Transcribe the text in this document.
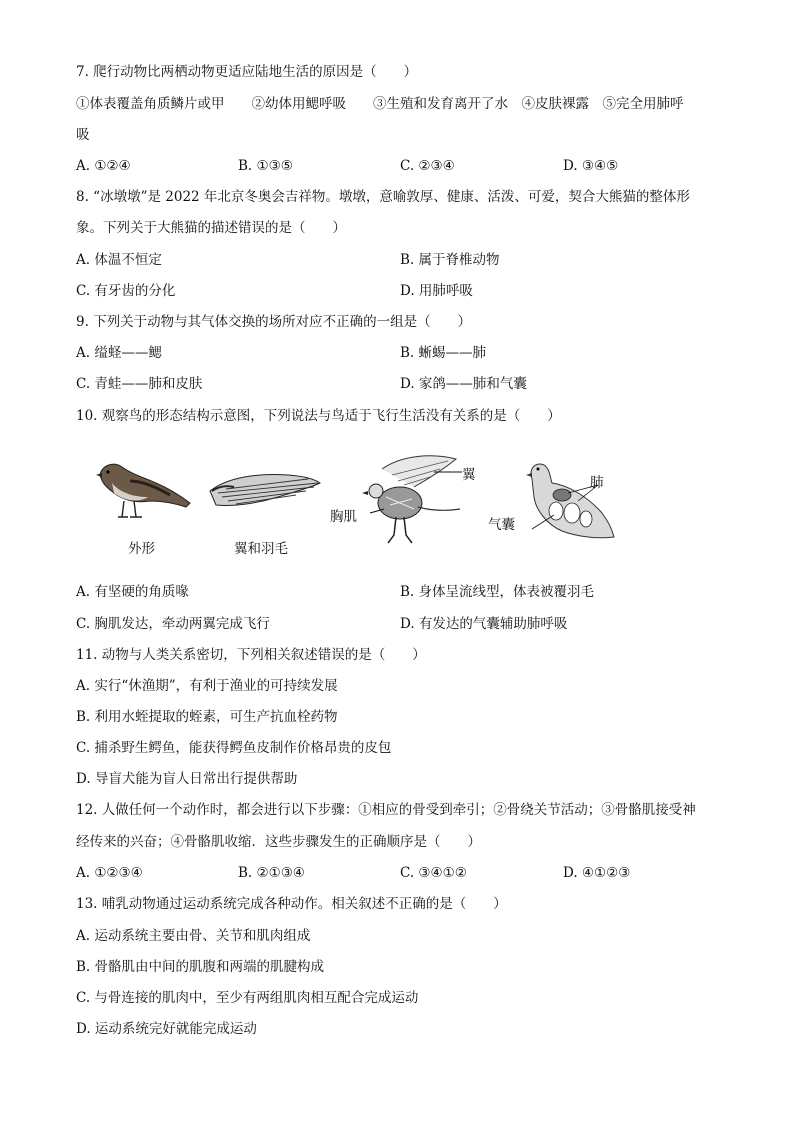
7. 爬行动物比两栖动物更适应陆地生活的原因是（　　）
①体表覆盖角质鳞片或甲　　②幼体用鳃呼吸　　③生殖和发育离开了水　④皮肤裸露　⑤完全用肺呼
吸
A. ①②④	B. ①③⑤	C. ②③④	D. ③④⑤
8. “冰墩墩”是 2022 年北京冬奥会吉祥物。墩墩，意喻敦厚、健康、活泼、可爱，契合大熊猫的整体形
象。下列关于大熊猫的描述错误的是（　　）
A. 体温不恒定	B. 属于脊椎动物
C. 有牙齿的分化	D. 用肺呼吸
9. 下列关于动物与其气体交换的场所对应不正确的一组是（　　）
A. 缢蛏——鳃	B. 蜥蜴——肺
C. 青蛙——肺和皮肤	D. 家鸽——肺和气囊
10. 观察鸟的形态结构示意图，下列说法与鸟适于飞行生活没有关系的是（　　）
外形	翼和羽毛
胸肌
翼	肺
气囊
A. 有坚硬的角质喙	B. 身体呈流线型，体表被覆羽毛
C. 胸肌发达，牵动两翼完成飞行	D. 有发达的气囊辅助肺呼吸
11. 动物与人类关系密切，下列相关叙述错误的是（　　）
A. 实行“休渔期”，有利于渔业的可持续发展
B. 利用水蛭提取的蛭素，可生产抗血栓药物
C. 捕杀野生鳄鱼，能获得鳄鱼皮制作价格昂贵的皮包
D. 导盲犬能为盲人日常出行提供帮助
12. 人做任何一个动作时，都会进行以下步骤：①相应的骨受到牵引；②骨绕关节活动；③骨骼肌接受神
经传来的兴奋；④骨骼肌收缩．这些步骤发生的正确顺序是（　　）
A. ①②③④	B. ②①③④	C. ③④①②	D. ④①②③
13. 哺乳动物通过运动系统完成各种动作。相关叙述不正确的是（　　）
A. 运动系统主要由骨、关节和肌肉组成
B. 骨骼肌由中间的肌腹和两端的肌腱构成
C. 与骨连接的肌肉中，至少有两组肌肉相互配合完成运动
D. 运动系统完好就能完成运动
